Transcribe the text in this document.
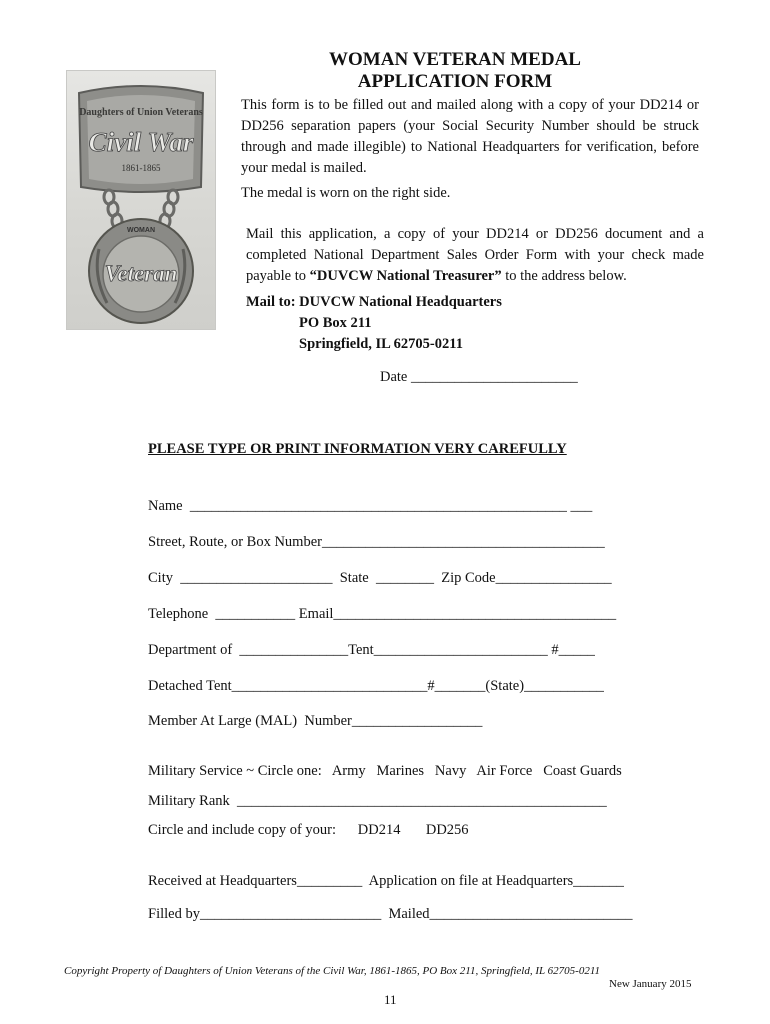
Daughters of Union Veterans
Civil War
1861-1865
WOMAN
Veteran
WOMAN VETERAN MEDAL
APPLICATION FORM
This form is to be filled out and mailed along with a copy of your DD214 or DD256 separation papers (your Social Security Number should be struck through and made illegible) to National Headquarters for verification, before your medal is mailed.
The medal is worn on the right side.
Mail this application, a copy of your DD214 or DD256 document and a completed National Department Sales Order Form with your check made payable to “DUVCW National Treasurer” to the address below.
Mail to: DUVCW National Headquarters
PO Box 211
Springfield, IL 62705-0211
Date _______________________
PLEASE TYPE OR PRINT INFORMATION VERY CAREFULLY
Name  ____________________________________________________ ___
Street, Route, or Box Number_______________________________________
City  _____________________  State  ________  Zip Code________________
Telephone  ___________ Email_______________________________________
Department of  _______________Tent________________________ #_____
Detached Tent___________________________#_______(State)___________
Member At Large (MAL)  Number__________________
Military Service ~ Circle one:   Army   Marines   Navy   Air Force   Coast Guards
Military Rank  ___________________________________________________
Circle and include copy of your:      DD214       DD256
Received at Headquarters_________  Application on file at Headquarters_______
Filled by_________________________  Mailed____________________________
Copyright Property of Daughters of Union Veterans of the Civil War, 1861-1865, PO Box 211, Springfield, IL 62705-0211
New January 2015
11
